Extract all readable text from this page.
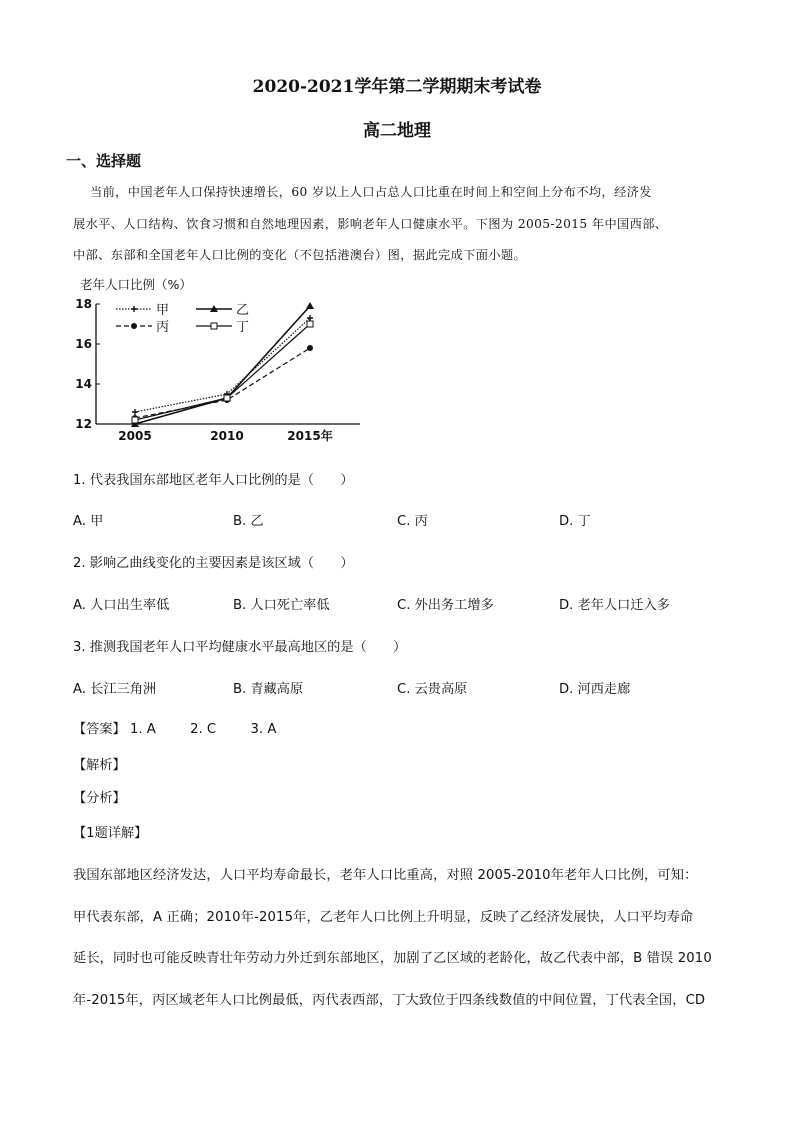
2020-2021学年第二学期期末考试卷
高二地理
一、选择题
当前，中国老年人口保持快速增长，60 岁以上人口占总人口比重在时间上和空间上分布不均，经济发
展水平、人口结构、饮食习惯和自然地理因素，影响老年人口健康水平。下图为 2005-2015 年中国西部、
中部、东部和全国老年人口比例的变化（不包括港澳台）图，据此完成下面小题。
老年人口比例（%）
12
14
16
18
2005	2010	2015年
甲	乙
丙	丁
1. 代表我国东部地区老年人口比例的是（　　）
A. 甲	B. 乙	C. 丙	D. 丁
2. 影响乙曲线变化的主要因素是该区域（　　）
A. 人口出生率低	B. 人口死亡率低	C. 外出务工增多	D. 老年人口迁入多
3. 推测我国老年人口平均健康水平最高地区的是（　　）
A. 长江三角洲	B. 青藏高原	C. 云贵高原	D. 河西走廊
【答案】 1. A	2. C	3. A
【解析】
【分析】
【1题详解】
我国东部地区经济发达，人口平均寿命最长，老年人口比重高，对照 2005-2010年老年人口比例，可知：
甲代表东部，A 正确；2010年-2015年，乙老年人口比例上升明显，反映了乙经济发展快，人口平均寿命
延长，同时也可能反映青壮年劳动力外迁到东部地区，加剧了乙区域的老龄化，故乙代表中部，B 错误 2010
年-2015年，丙区域老年人口比例最低，丙代表西部，丁大致位于四条线数值的中间位置，丁代表全国，CD
